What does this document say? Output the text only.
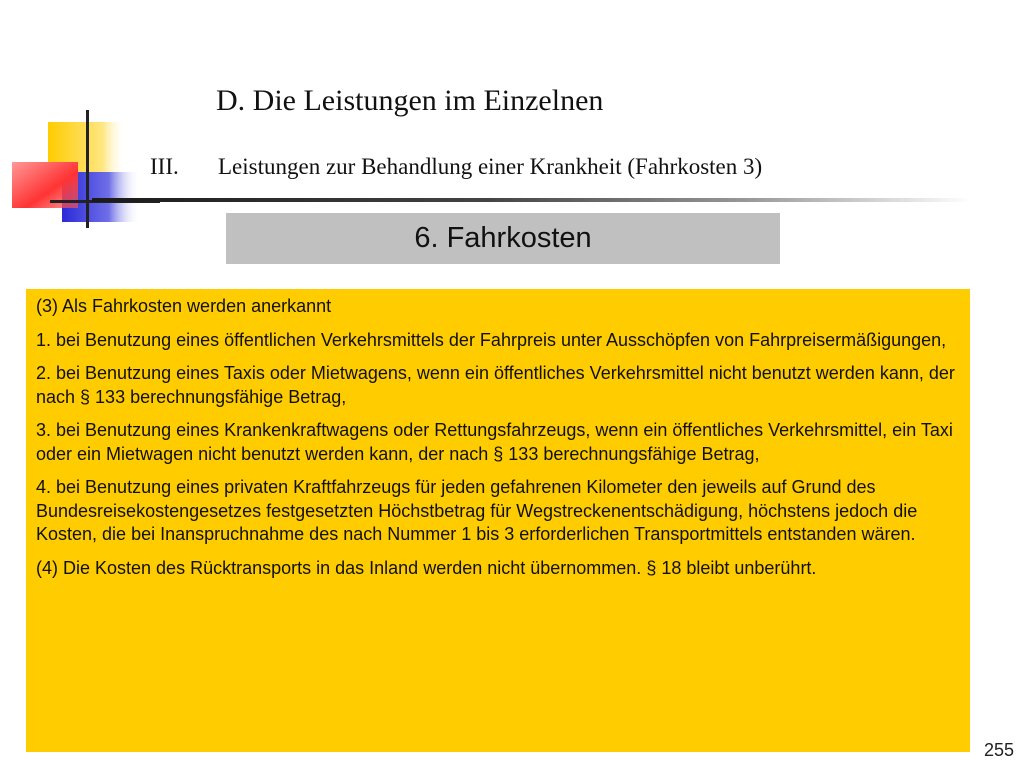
D. Die Leistungen im Einzelnen
III. Leistungen zur Behandlung einer Krankheit (Fahrkosten 3)
6. Fahrkosten

(3) Als Fahrkosten werden anerkannt

1. bei Benutzung eines öffentlichen Verkehrsmittels der Fahrpreis unter Ausschöpfen von Fahrpreisermäßigungen,

2. bei Benutzung eines Taxis oder Mietwagens, wenn ein öffentliches Verkehrsmittel nicht benutzt werden kann, der nach § 133 berechnungsfähige Betrag,

3. bei Benutzung eines Krankenkraftwagens oder Rettungsfahrzeugs, wenn ein öffentliches Verkehrsmittel, ein Taxi oder ein Mietwagen nicht benutzt werden kann, der nach § 133 berechnungsfähige Betrag,

4. bei Benutzung eines privaten Kraftfahrzeugs für jeden gefahrenen Kilometer den jeweils auf Grund des Bundesreisekostengesetzes festgesetzten Höchstbetrag für Wegstreckenentschädigung, höchstens jedoch die Kosten, die bei Inanspruchnahme des nach Nummer 1 bis 3 erforderlichen Transportmittels entstanden wären.

(4) Die Kosten des Rücktransports in das Inland werden nicht übernommen. § 18 bleibt unberührt.

255
